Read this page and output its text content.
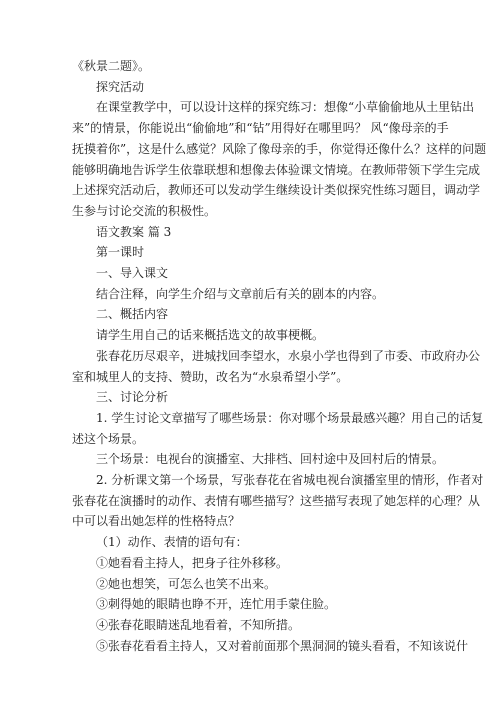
《秋景二题》。

探究活动

在课堂教学中，可以设计这样的探究练习：想像“小草偷偷地从土里钻出

来”的情景，你能说出“偷偷地”和“钻”用得好在哪里吗？ 风“像母亲的手

抚摸着你”，这是什么感觉？风除了像母亲的手，你觉得还像什么？这样的问题

能够明确地告诉学生依靠联想和想像去体验课文情境。在教师带领下学生完成

上述探究活动后，教师还可以发动学生继续设计类似探究性练习题目，调动学

生参与讨论交流的积极性。

语文教案 篇 3

第一课时

一、导入课文

结合注释，向学生介绍与文章前后有关的剧本的内容。

二、概括内容

请学生用自己的话来概括选文的故事梗概。

张春花历尽艰辛，进城找回李望水，水泉小学也得到了市委、市政府办公

室和城里人的支持、赞助，改名为“水泉希望小学”。

三、讨论分析

1. 学生讨论文章描写了哪些场景：你对哪个场景最感兴趣？用自己的话复

述这个场景。

三个场景：电视台的演播室、大排档、回村途中及回村后的情景。

2. 分析课文第一个场景，写张春花在省城电视台演播室里的情形，作者对

张春花在演播时的动作、表情有哪些描写？这些描写表现了她怎样的心理？从

中可以看出她怎样的性格特点？

（1）动作、表情的语句有：

①她看看主持人，把身子往外移移。

②她也想笑，可怎么也笑不出来。

③刺得她的眼睛也睁不开，连忙用手蒙住脸。

④张春花眼睛迷乱地看着，不知所措。

⑤张春花看看主持人，又对着前面那个黑洞洞的镜头看看，不知该说什
